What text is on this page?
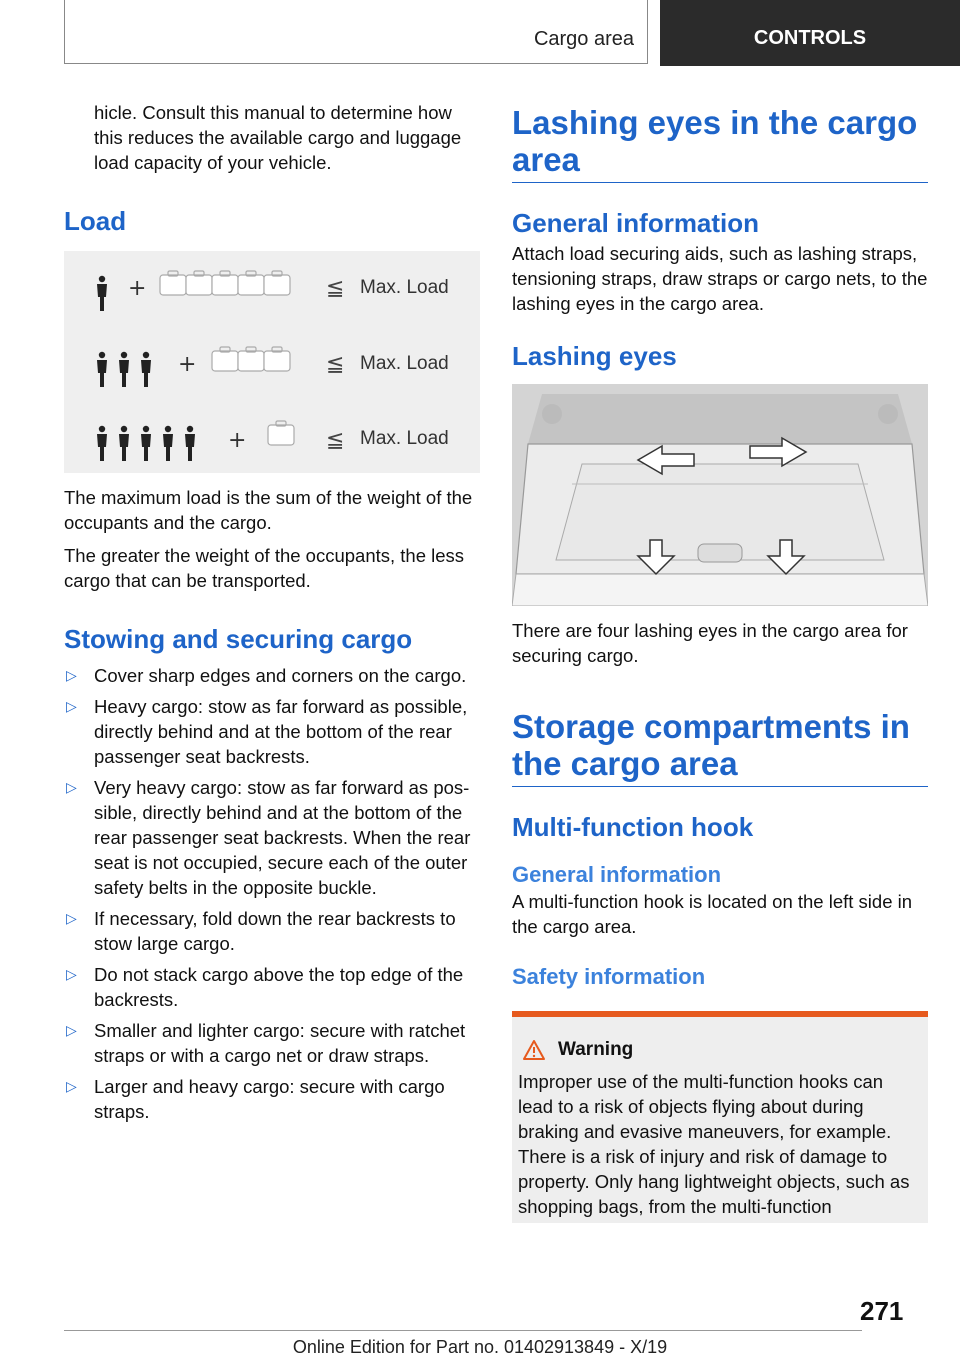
Cargo area	CONTROLS

hicle. Consult this manual to determine how this reduces the available cargo and luggage load capacity of your vehicle.

Load
+	≦ Max. Load
+	≦ Max. Load
+	≦ Max. Load

The maximum load is the sum of the weight of the occupants and the cargo.

The greater the weight of the occupants, the less cargo that can be transported.

Stowing and securing cargo
▷ Cover sharp edges and corners on the cargo.
▷ Heavy cargo: stow as far forward as possible, directly behind and at the bottom of the rear passenger seat backrests.
▷ Very heavy cargo: stow as far forward as pos‐sible, directly behind and at the bottom of the rear passenger seat backrests. When the rear seat is not occupied, secure each of the outer safety belts in the opposite buckle.
▷ If necessary, fold down the rear backrests to stow large cargo.
▷ Do not stack cargo above the top edge of the backrests.
▷ Smaller and lighter cargo: secure with ratchet straps or with a cargo net or draw straps.
▷ Larger and heavy cargo: secure with cargo straps.
Lashing eyes in the cargo area
General information

Attach load securing aids, such as lashing straps, tensioning straps, draw straps or cargo nets, to the lashing eyes in the cargo area.

Lashing eyes

There are four lashing eyes in the cargo area for securing cargo.

Storage compartments in the cargo area
Multi-function hook
General information

A multi-function hook is located on the left side in the cargo area.

Safety information
Warning

Improper use of the multi-function hooks can lead to a risk of objects flying about during braking and evasive maneuvers, for example. There is a risk of injury and risk of damage to property. Only hang lightweight objects, such as shopping bags, from the multi-function

271
Online Edition for Part no. 01402913849 - X/19
